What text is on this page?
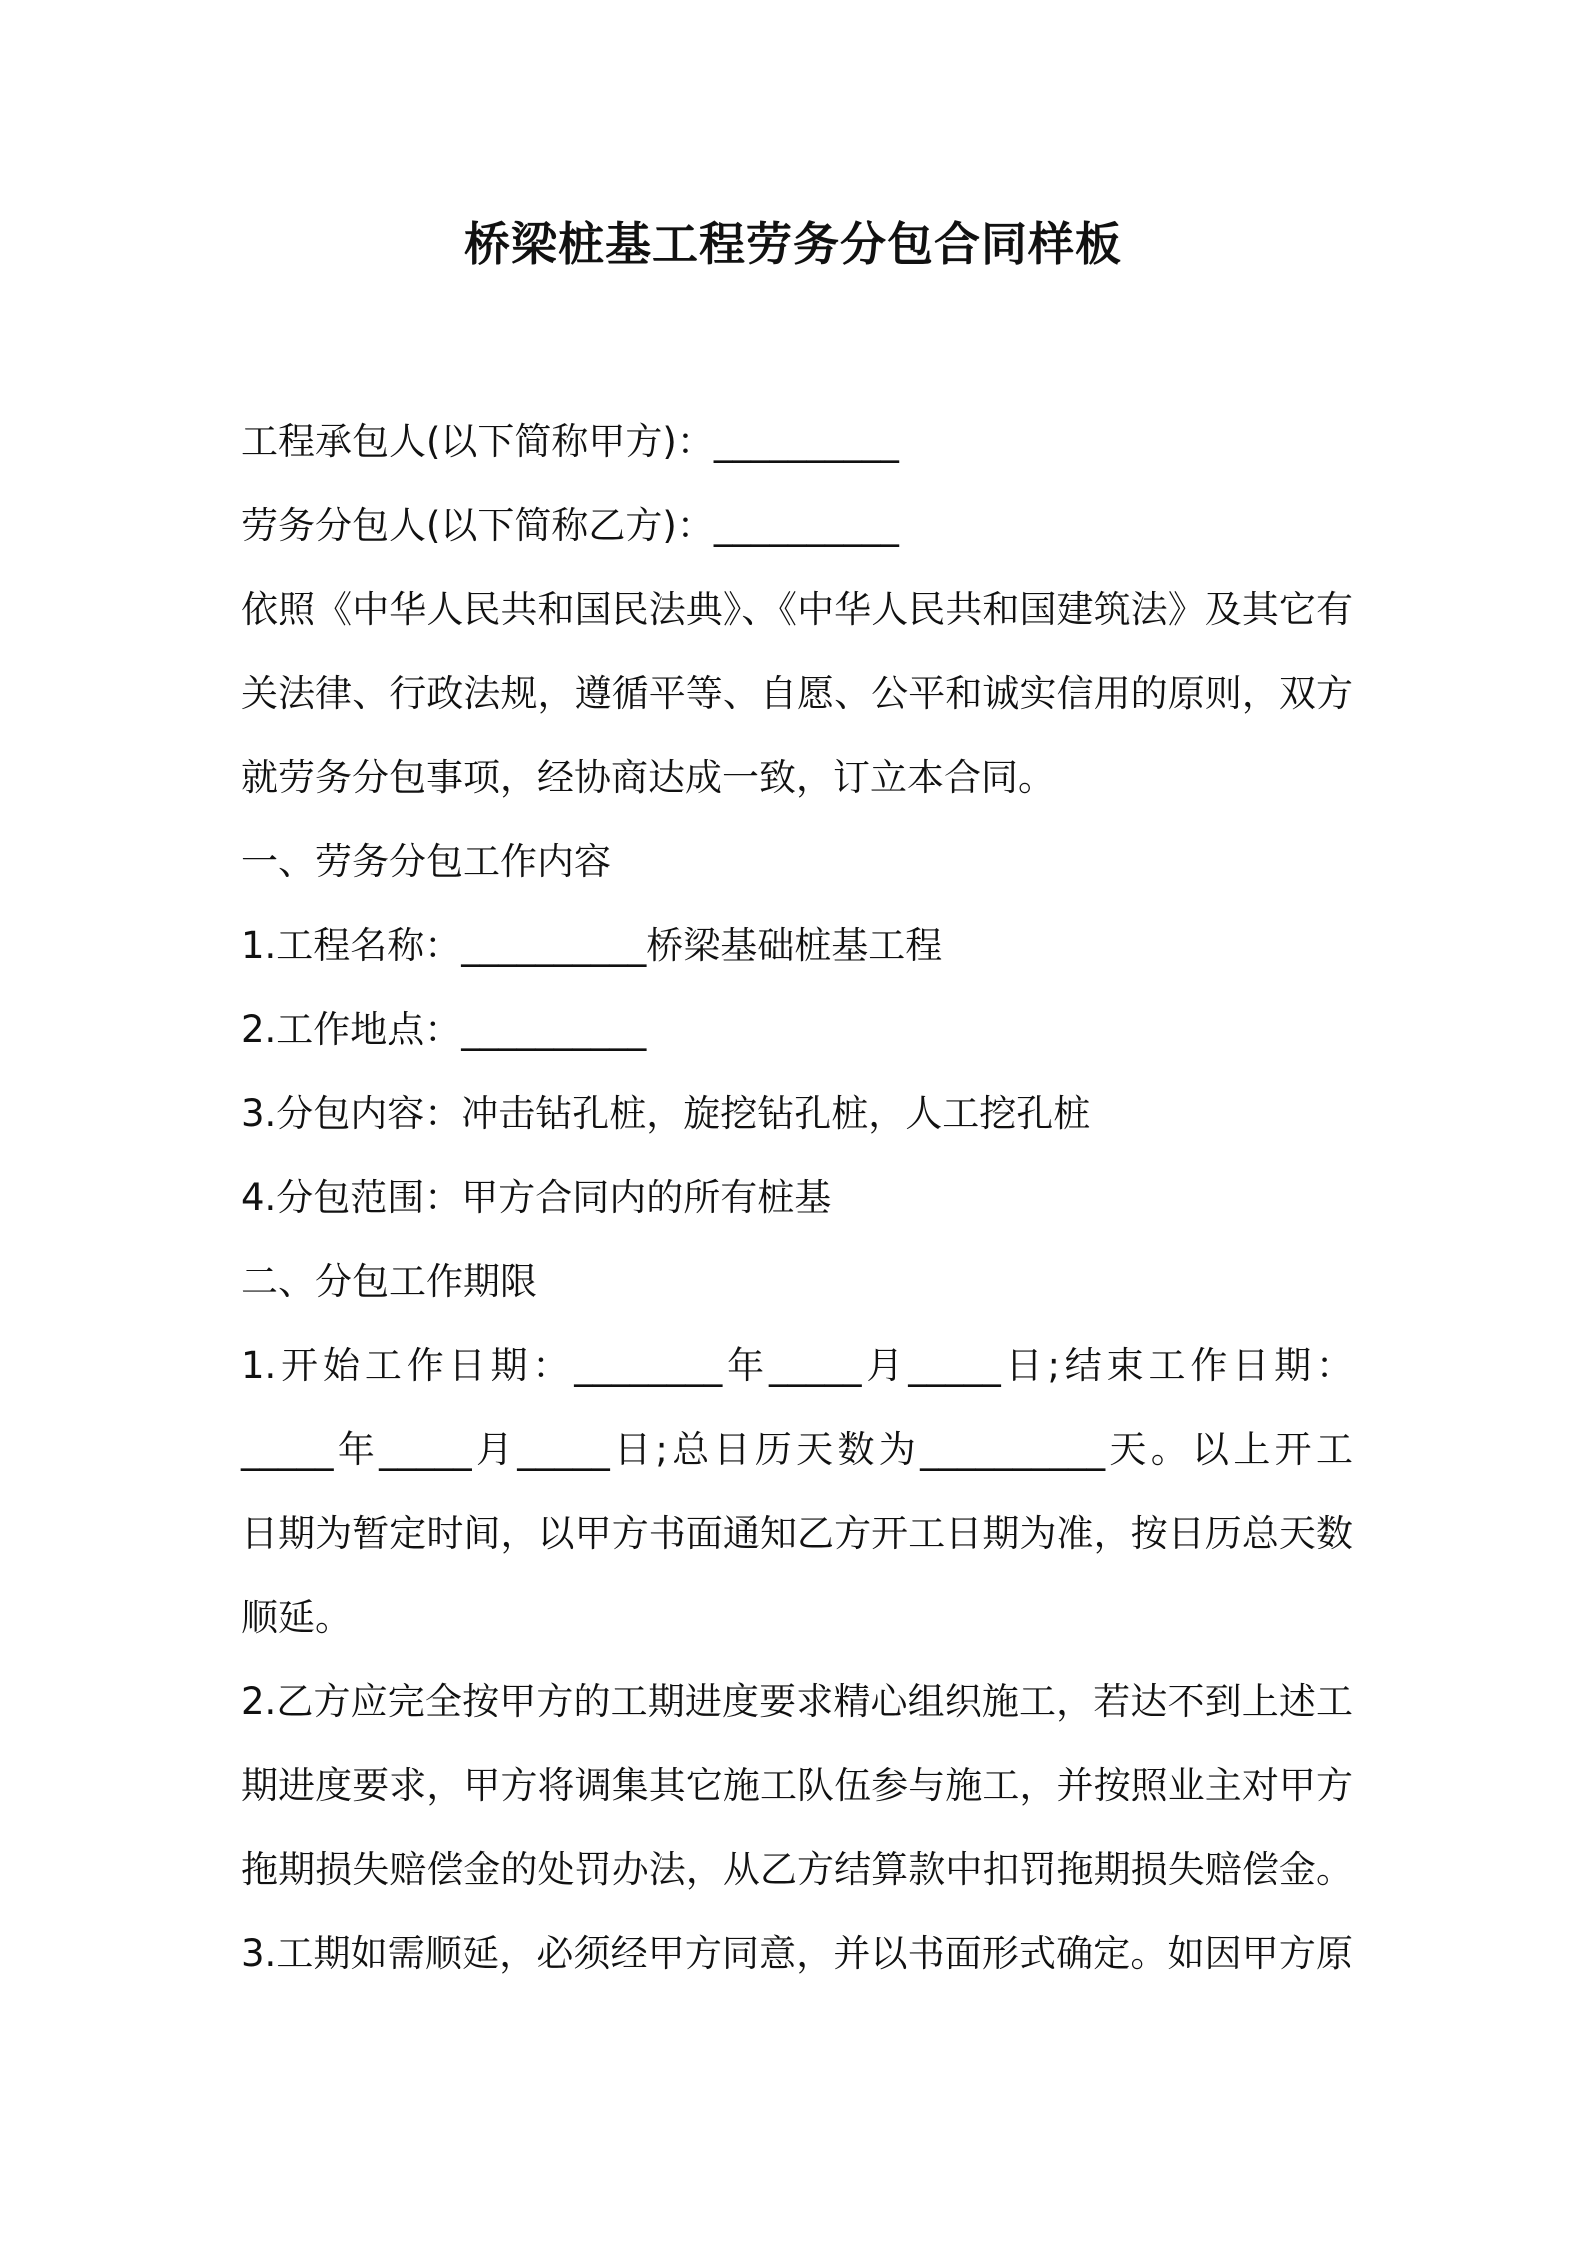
桥梁桩基工程劳务分包合同样板

工程承包人(以下简称甲方)：__________

劳务分包人(以下简称乙方)：__________

依照《中华人民共和国民法典》、《中华人民共和国建筑法》及其它有

关法律、行政法规，遵循平等、自愿、公平和诚实信用的原则，双方

就劳务分包事项，经协商达成一致，订立本合同。

一、劳务分包工作内容

1.工程名称：__________桥梁基础桩基工程

2.工作地点：__________

3.分包内容：冲击钻孔桩，旋挖钻孔桩，人工挖孔桩

4.分包范围：甲方合同内的所有桩基

二、分包工作期限

1.开始工作日期：________年_____月_____日;结束工作日期：

_____年_____月_____日;总日历天数为__________天。以上开工

日期为暂定时间，以甲方书面通知乙方开工日期为准，按日历总天数

顺延。

2.乙方应完全按甲方的工期进度要求精心组织施工，若达不到上述工

期进度要求，甲方将调集其它施工队伍参与施工，并按照业主对甲方

拖期损失赔偿金的处罚办法，从乙方结算款中扣罚拖期损失赔偿金。

3.工期如需顺延，必须经甲方同意，并以书面形式确定。如因甲方原
